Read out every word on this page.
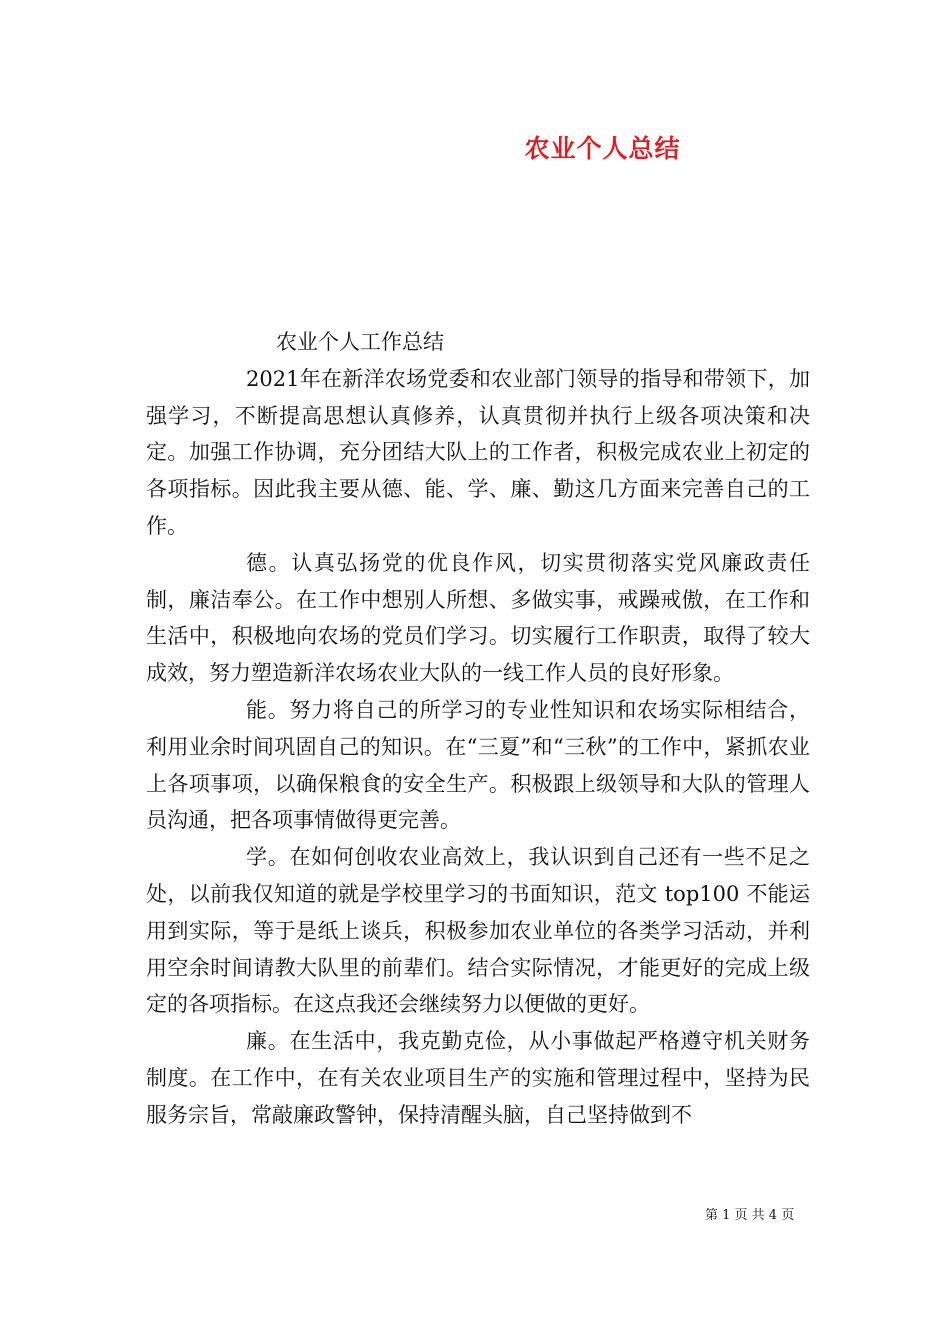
农业个人总结

农业个人工作总结

2021年在新洋农场党委和农业部门领导的指导和带领下，加强学习，不断提高思想认真修养，认真贯彻并执行上级各项决策和决定。加强工作协调，充分团结大队上的工作者，积极完成农业上初定的各项指标。因此我主要从德、能、学、廉、勤这几方面来完善自己的工作。

德。认真弘扬党的优良作风，切实贯彻落实党风廉政责任制，廉洁奉公。在工作中想别人所想、多做实事，戒躁戒傲，在工作和生活中，积极地向农场的党员们学习。切实履行工作职责，取得了较大成效，努力塑造新洋农场农业大队的一线工作人员的良好形象。

能。努力将自己的所学习的专业性知识和农场实际相结合，利用业余时间巩固自己的知识。在“三夏”和“三秋”的工作中，紧抓农业上各项事项，以确保粮食的安全生产。积极跟上级领导和大队的管理人员沟通，把各项事情做得更完善。

学。在如何创收农业高效上，我认识到自己还有一些不足之处，以前我仅知道的就是学校里学习的书面知识，范文 top100 不能运用到实际，等于是纸上谈兵，积极参加农业单位的各类学习活动，并利用空余时间请教大队里的前辈们。结合实际情况，才能更好的完成上级定的各项指标。在这点我还会继续努力以便做的更好。

廉。在生活中，我克勤克俭，从小事做起严格遵守机关财务制度。在工作中，在有关农业项目生产的实施和管理过程中，坚持为民服务宗旨，常敲廉政警钟，保持清醒头脑，自己坚持做到不

第 1 页 共 4 页
